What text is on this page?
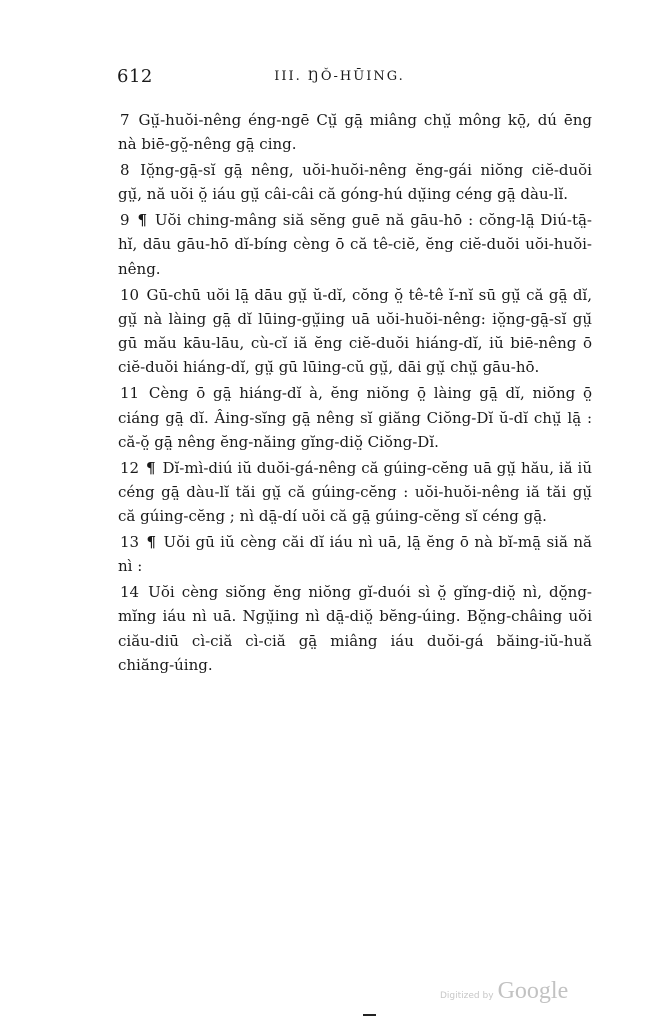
612	III. ŊǑ-HŪING.

7 Gṳ̆-huŏi-nêng éng-ngē Cṳ̆ gā̤ miâng chṳ̆ mông kō̤, dú ēng nà biē-gŏ̤-nêng gā̤ cing.

8 Iŏ̤ng-gā̤-sĭ gā̤ nêng, uŏi-huŏi-nêng ĕng-gái niŏng ciĕ-duŏi gṳ̆, nă uŏi ŏ̤ iáu gṳ̆ câi-câi că góng-hú dṳ̆ing céng gā̤ dàu-lĭ.

9 ¶ Uŏi ching-mâng siă sĕng guē nă gāu-hō : cŏng-lā̤ Diú-tā̤-hĭ, dāu gāu-hō dĭ-bíng cèng ō că tê-ciĕ, ĕng ciĕ-duŏi uŏi-huŏi-nêng.

10 Gū-chū uŏi lā̤ dāu gṳ̆ ŭ-dĭ, cŏng ŏ̤ tê-tê ĭ-nĭ sū gṳ̆ că gā̤ dĭ, gṳ̆ nà làing gā̤ dĭ lūing-gṳ̆ing uā uŏi-huŏi-nêng: iŏ̤ng-gā̤-sĭ gṳ̆ gū mău kāu-lāu, cù-cĭ iă ĕng ciĕ-duŏi hiáng-dĭ, iŭ biē-nêng ō ciĕ-duŏi hiáng-dĭ, gṳ̆ gū lūing-cŭ gṳ̆, dāi gṳ̆ chṳ̆ gāu-hō.

11 Cèng ō gā̤ hiáng-dĭ à, ĕng niŏng ō̤ làing gā̤ dĭ, niŏng ō̤ ciáng gā̤ dĭ. Âing-sĭng gā̤ nêng sĭ giăng Ciŏng-Dĭ ŭ-dĭ chṳ̆ lā̤ : că-ŏ̤ gā̤ nêng ĕng-năing gĭng-diŏ̤ Ciŏng-Dĭ.

12 ¶ Dĭ-mì-diú iŭ duŏi-gá-nêng că gúing-cĕng uā gṳ̆ hău, iă iŭ céng gā̤ dàu-lĭ tăi gṳ̆ că gúing-cĕng : uŏi-huŏi-nêng iă tăi gṳ̆ că gúing-cĕng ; nì dā̤-dí uŏi că gā̤ gúing-cĕng sĭ céng gā̤.

13 ¶ Uŏi gū iŭ cèng căi dĭ iáu nì uā, lā̤ ĕng ō nà bĭ-mā̤ siă nă nì :

14 Uŏi cèng siŏng ĕng niŏng gĭ-duói sì ŏ̤ gĭng-diŏ̤ nì, dŏ̤ng-mĭng iáu nì uā. Ngṳ̆ing nì dā̤-diŏ̤ bĕng-úing. Bŏ̤ng-châing uŏi ciău-diū cì-ciă cì-ciă gā̤ miâng iáu duŏi-gá băing-iŭ-huă chiăng-úing.

Digitized by Google
